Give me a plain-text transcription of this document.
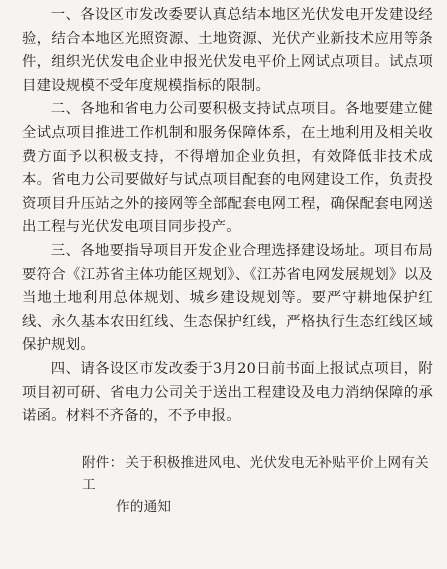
一、各设区市发改委要认真总结本地区光伏发电开发建设经验，结合本地区光照资源、土地资源、光伏产业新技术应用等条件，组织光伏发电企业申报光伏发电平价上网试点项目。试点项目建设规模不受年度规模指标的限制。

二、各地和省电力公司要积极支持试点项目。各地要建立健全试点项目推进工作机制和服务保障体系，在土地利用及相关收费方面予以积极支持，不得增加企业负担，有效降低非技术成本。省电力公司要做好与试点项目配套的电网建设工作，负责投资项目升压站之外的接网等全部配套电网工程，确保配套电网送出工程与光伏发电项目同步投产。

三、各地要指导项目开发企业合理选择建设场址。项目布局要符合《江苏省主体功能区规划》、《江苏省电网发展规划》以及当地土地利用总体规划、城乡建设规划等。要严守耕地保护红线、永久基本农田红线、生态保护红线，严格执行生态红线区域保护规划。

四、请各设区市发改委于3月20日前书面上报试点项目，附项目初可研、省电力公司关于送出工程建设及电力消纳保障的承诺函。材料不齐备的，不予申报。

附件： 关于积极推进风电、光伏发电无补贴平价上网有关工
作的通知
